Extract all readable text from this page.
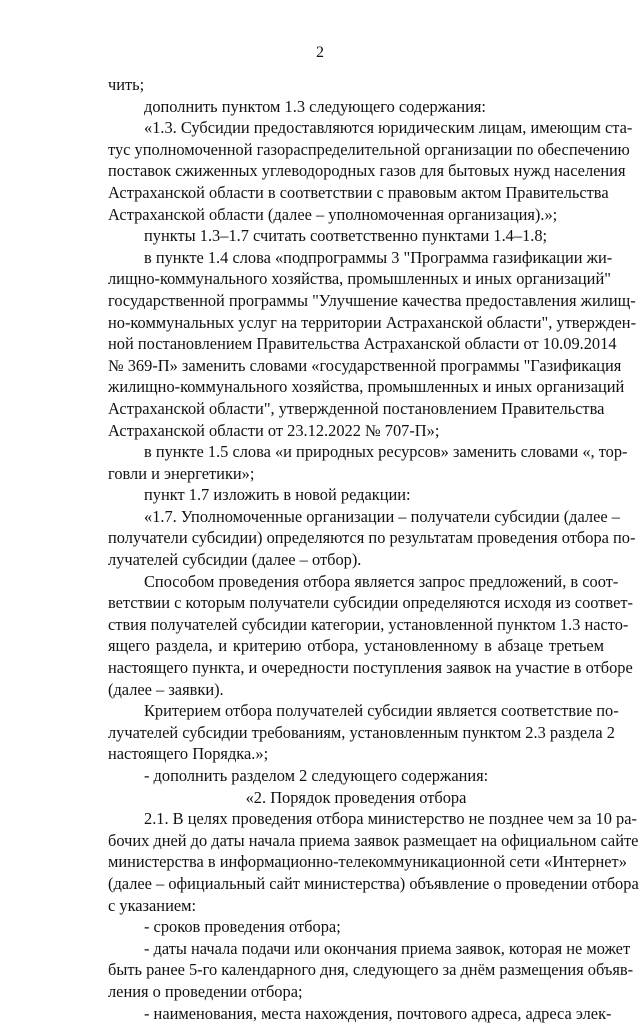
2
чить;
дополнить пунктом 1.3 следующего содержания:
«1.3. Субсидии предоставляются юридическим лицам, имеющим ста-
тус уполномоченной газораспределительной организации по обеспечению
поставок сжиженных углеводородных газов для бытовых нужд населения
Астраханской области в соответствии с правовым актом Правительства
Астраханской области (далее – уполномоченная организация).»;
пункты 1.3–1.7 считать соответственно пунктами 1.4–1.8;
в пункте 1.4 слова «подпрограммы 3 "Программа газификации жи-
лищно-коммунального хозяйства, промышленных и иных организаций"
государственной программы "Улучшение качества предоставления жилищ-
но-коммунальных услуг на территории Астраханской области", утвержден-
ной постановлением Правительства Астраханской области от 10.09.2014
№ 369-П» заменить словами «государственной программы "Газификация
жилищно-коммунального хозяйства, промышленных и иных организаций
Астраханской области", утвержденной постановлением Правительства
Астраханской области от 23.12.2022 № 707-П»;
в пункте 1.5 слова «и природных ресурсов» заменить словами «, тор-
говли и энергетики»;
пункт 1.7 изложить в новой редакции:
«1.7. Уполномоченные организации – получатели субсидии (далее –
получатели субсидии) определяются по результатам проведения отбора по-
лучателей субсидии (далее – отбор).
Способом проведения отбора является запрос предложений, в соот-
ветствии с которым получатели субсидии определяются исходя из соответ-
ствия получателей субсидии категории, установленной пунктом 1.3 насто-
ящего раздела, и критерию отбора, установленному в абзаце третьем
настоящего пункта, и очередности поступления заявок на участие в отборе
(далее – заявки).
Критерием отбора получателей субсидии является соответствие по-
лучателей субсидии требованиям, установленным пунктом 2.3 раздела 2
настоящего Порядка.»;
- дополнить разделом 2 следующего содержания:
«2. Порядок проведения отбора
2.1. В целях проведения отбора министерство не позднее чем за 10 ра-
бочих дней до даты начала приема заявок размещает на официальном сайте
министерства в информационно-телекоммуникационной сети «Интернет»
(далее – официальный сайт министерства) объявление о проведении отбора
с указанием:
- сроков проведения отбора;
- даты начала подачи или окончания приема заявок, которая не может
быть ранее 5-го календарного дня, следующего за днём размещения объяв-
ления о проведении отбора;
- наименования, места нахождения, почтового адреса, адреса элек-
